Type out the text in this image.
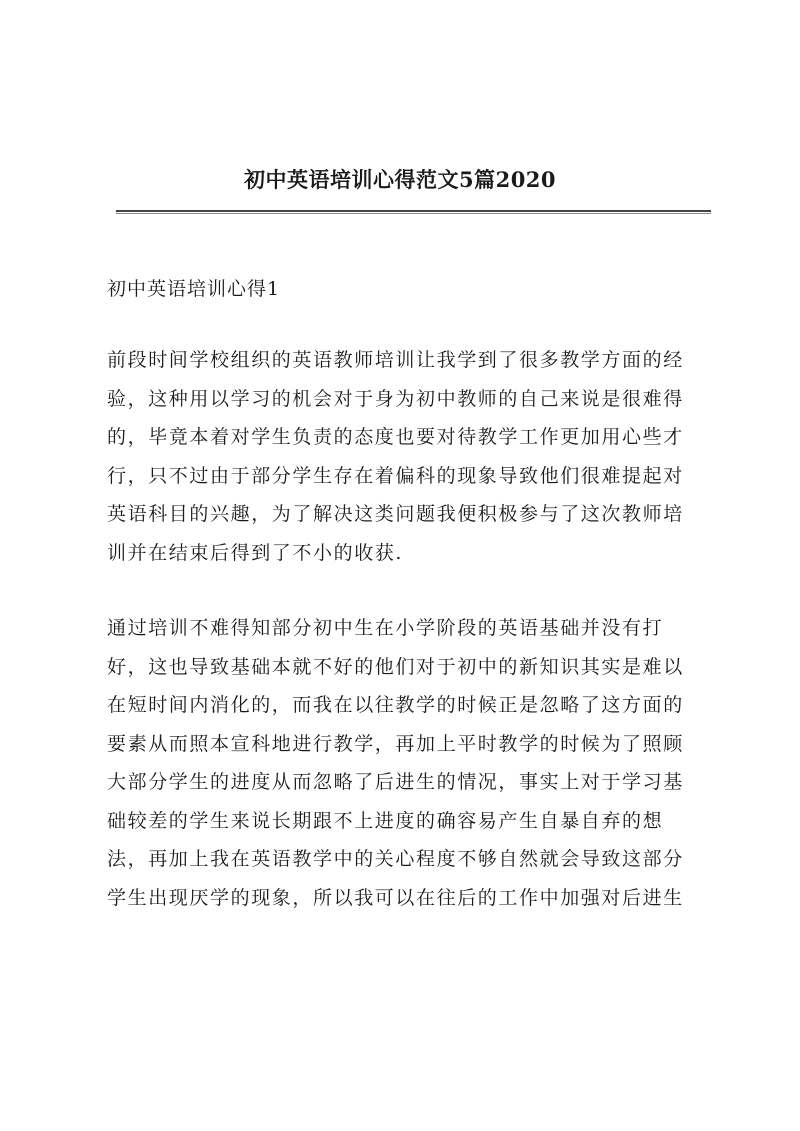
初中英语培训心得范文5篇2020
初中英语培训心得1
前段时间学校组织的英语教师培训让我学到了很多教学方面的经
验，这种用以学习的机会对于身为初中教师的自己来说是很难得
的，毕竟本着对学生负责的态度也要对待教学工作更加用心些才
行，只不过由于部分学生存在着偏科的现象导致他们很难提起对
英语科目的兴趣，为了解决这类问题我便积极参与了这次教师培
训并在结束后得到了不小的收获.
通过培训不难得知部分初中生在小学阶段的英语基础并没有打
好，这也导致基础本就不好的他们对于初中的新知识其实是难以
在短时间内消化的，而我在以往教学的时候正是忽略了这方面的
要素从而照本宣科地进行教学，再加上平时教学的时候为了照顾
大部分学生的进度从而忽略了后进生的情况，事实上对于学习基
础较差的学生来说长期跟不上进度的确容易产生自暴自弃的想
法，再加上我在英语教学中的关心程度不够自然就会导致这部分
学生出现厌学的现象，所以我可以在往后的工作中加强对后进生
